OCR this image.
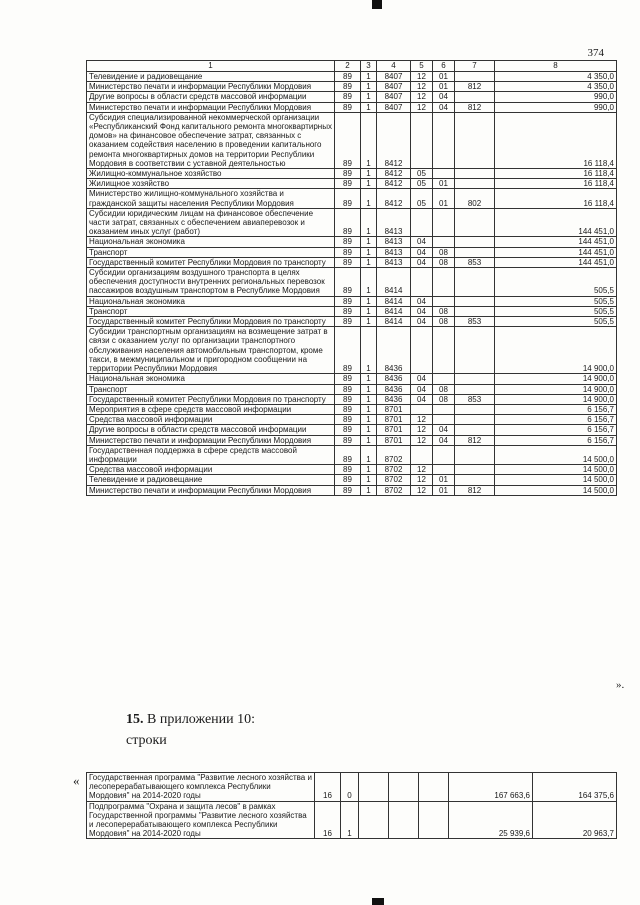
374
1	2	3	4	5	6	7	8
Телевидение и радиовещание	89	1	8407	12	01		4 350,0
Министерство печати и информации Республики Мордовия	89	1	8407	12	01	812	4 350,0
Другие вопросы в области средств массовой информации	89	1	8407	12	04		990,0
Министерство печати и информации Республики Мордовия	89	1	8407	12	04	812	990,0
Субсидия специализированной некоммерческой организации «Республиканский Фонд капитального ремонта многоквартирных домов» на финансовое обеспечение затрат, связанных с оказанием содействия населению в проведении капитального ремонта многоквартирных домов на территории Республики Мордовия в соответствии с уставной деятельностью	89	1	8412				16 118,4
Жилищно-коммунальное хозяйство	89	1	8412	05			16 118,4
Жилищное хозяйство	89	1	8412	05	01		16 118,4
Министерство жилищно-коммунального хозяйства и гражданской защиты населения Республики Мордовия	89	1	8412	05	01	802	16 118,4
Субсидии юридическим лицам на финансовое обеспечение части затрат, связанных с обеспечением авиаперевозок и оказанием иных услуг (работ)	89	1	8413				144 451,0
Национальная экономика	89	1	8413	04			144 451,0
Транспорт	89	1	8413	04	08		144 451,0
Государственный комитет Республики Мордовия по транспорту	89	1	8413	04	08	853	144 451,0
Субсидии организациям воздушного транспорта в целях обеспечения доступности внутренних региональных перевозок пассажиров воздушным транспортом в Республике Мордовия	89	1	8414				505,5
Национальная экономика	89	1	8414	04			505,5
Транспорт	89	1	8414	04	08		505,5
Государственный комитет Республики Мордовия по транспорту	89	1	8414	04	08	853	505,5
Субсидии транспортным организациям на возмещение затрат в связи с оказанием услуг по организации транспортного обслуживания населения автомобильным транспортом, кроме такси, в межмуниципальном и пригородном сообщении на территории Республики Мордовия	89	1	8436				14 900,0
Национальная экономика	89	1	8436	04			14 900,0
Транспорт	89	1	8436	04	08		14 900,0
Государственный комитет Республики Мордовия по транспорту	89	1	8436	04	08	853	14 900,0
Мероприятия в сфере средств массовой информации	89	1	8701				6 156,7
Средства массовой информации	89	1	8701	12			6 156,7
Другие вопросы в области средств массовой информации	89	1	8701	12	04		6 156,7
Министерство печати и информации Республики Мордовия	89	1	8701	12	04	812	6 156,7
Государственная поддержка в сфере средств массовой информации	89	1	8702				14 500,0
Средства массовой информации	89	1	8702	12			14 500,0
Телевидение и радиовещание	89	1	8702	12	01		14 500,0
Министерство печати и информации Республики Мордовия	89	1	8702	12	01	812	14 500,0
».
15. В приложении 10:
строки
« Государственная программа "Развитие лесного хозяйства и лесоперерабатывающего комплекса Республики Мордовия" на 2014-2020 годы	16	0				167 663,6	164 375,6
Подпрограмма "Охрана и защита лесов" в рамках Государственной программы "Развитие лесного хозяйства и лесоперерабатывающего комплекса Республики Мордовия" на 2014-2020 годы	16	1				25 939,6	20 963,7
